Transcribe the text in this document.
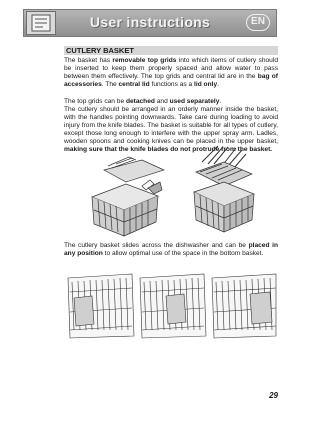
User instructions	EN
CUTLERY BASKET

The basket has removable top grids into which items of cutlery should be inserted to keep them properly spaced and allow water to pass between them effectively. The top grids and central lid are in the bag of accessories. The central lid functions as a lid only.

The top grids can be detached and used separately.

The cutlery should be arranged in an orderly manner inside the basket, with the handles pointing downwards. Take care during loading to avoid injury from the knife blades. The basket is suitable for all types of cutlery, except those long enough to interfere with the upper spray arm. Ladles, wooden spoons and cooking knives can be placed in the upper basket, making sure that the knife blades do not protrude from the basket.

The cutlery basket slides across the dishwasher and can be placed in any position to allow optimal use of the space in the bottom basket.

29
